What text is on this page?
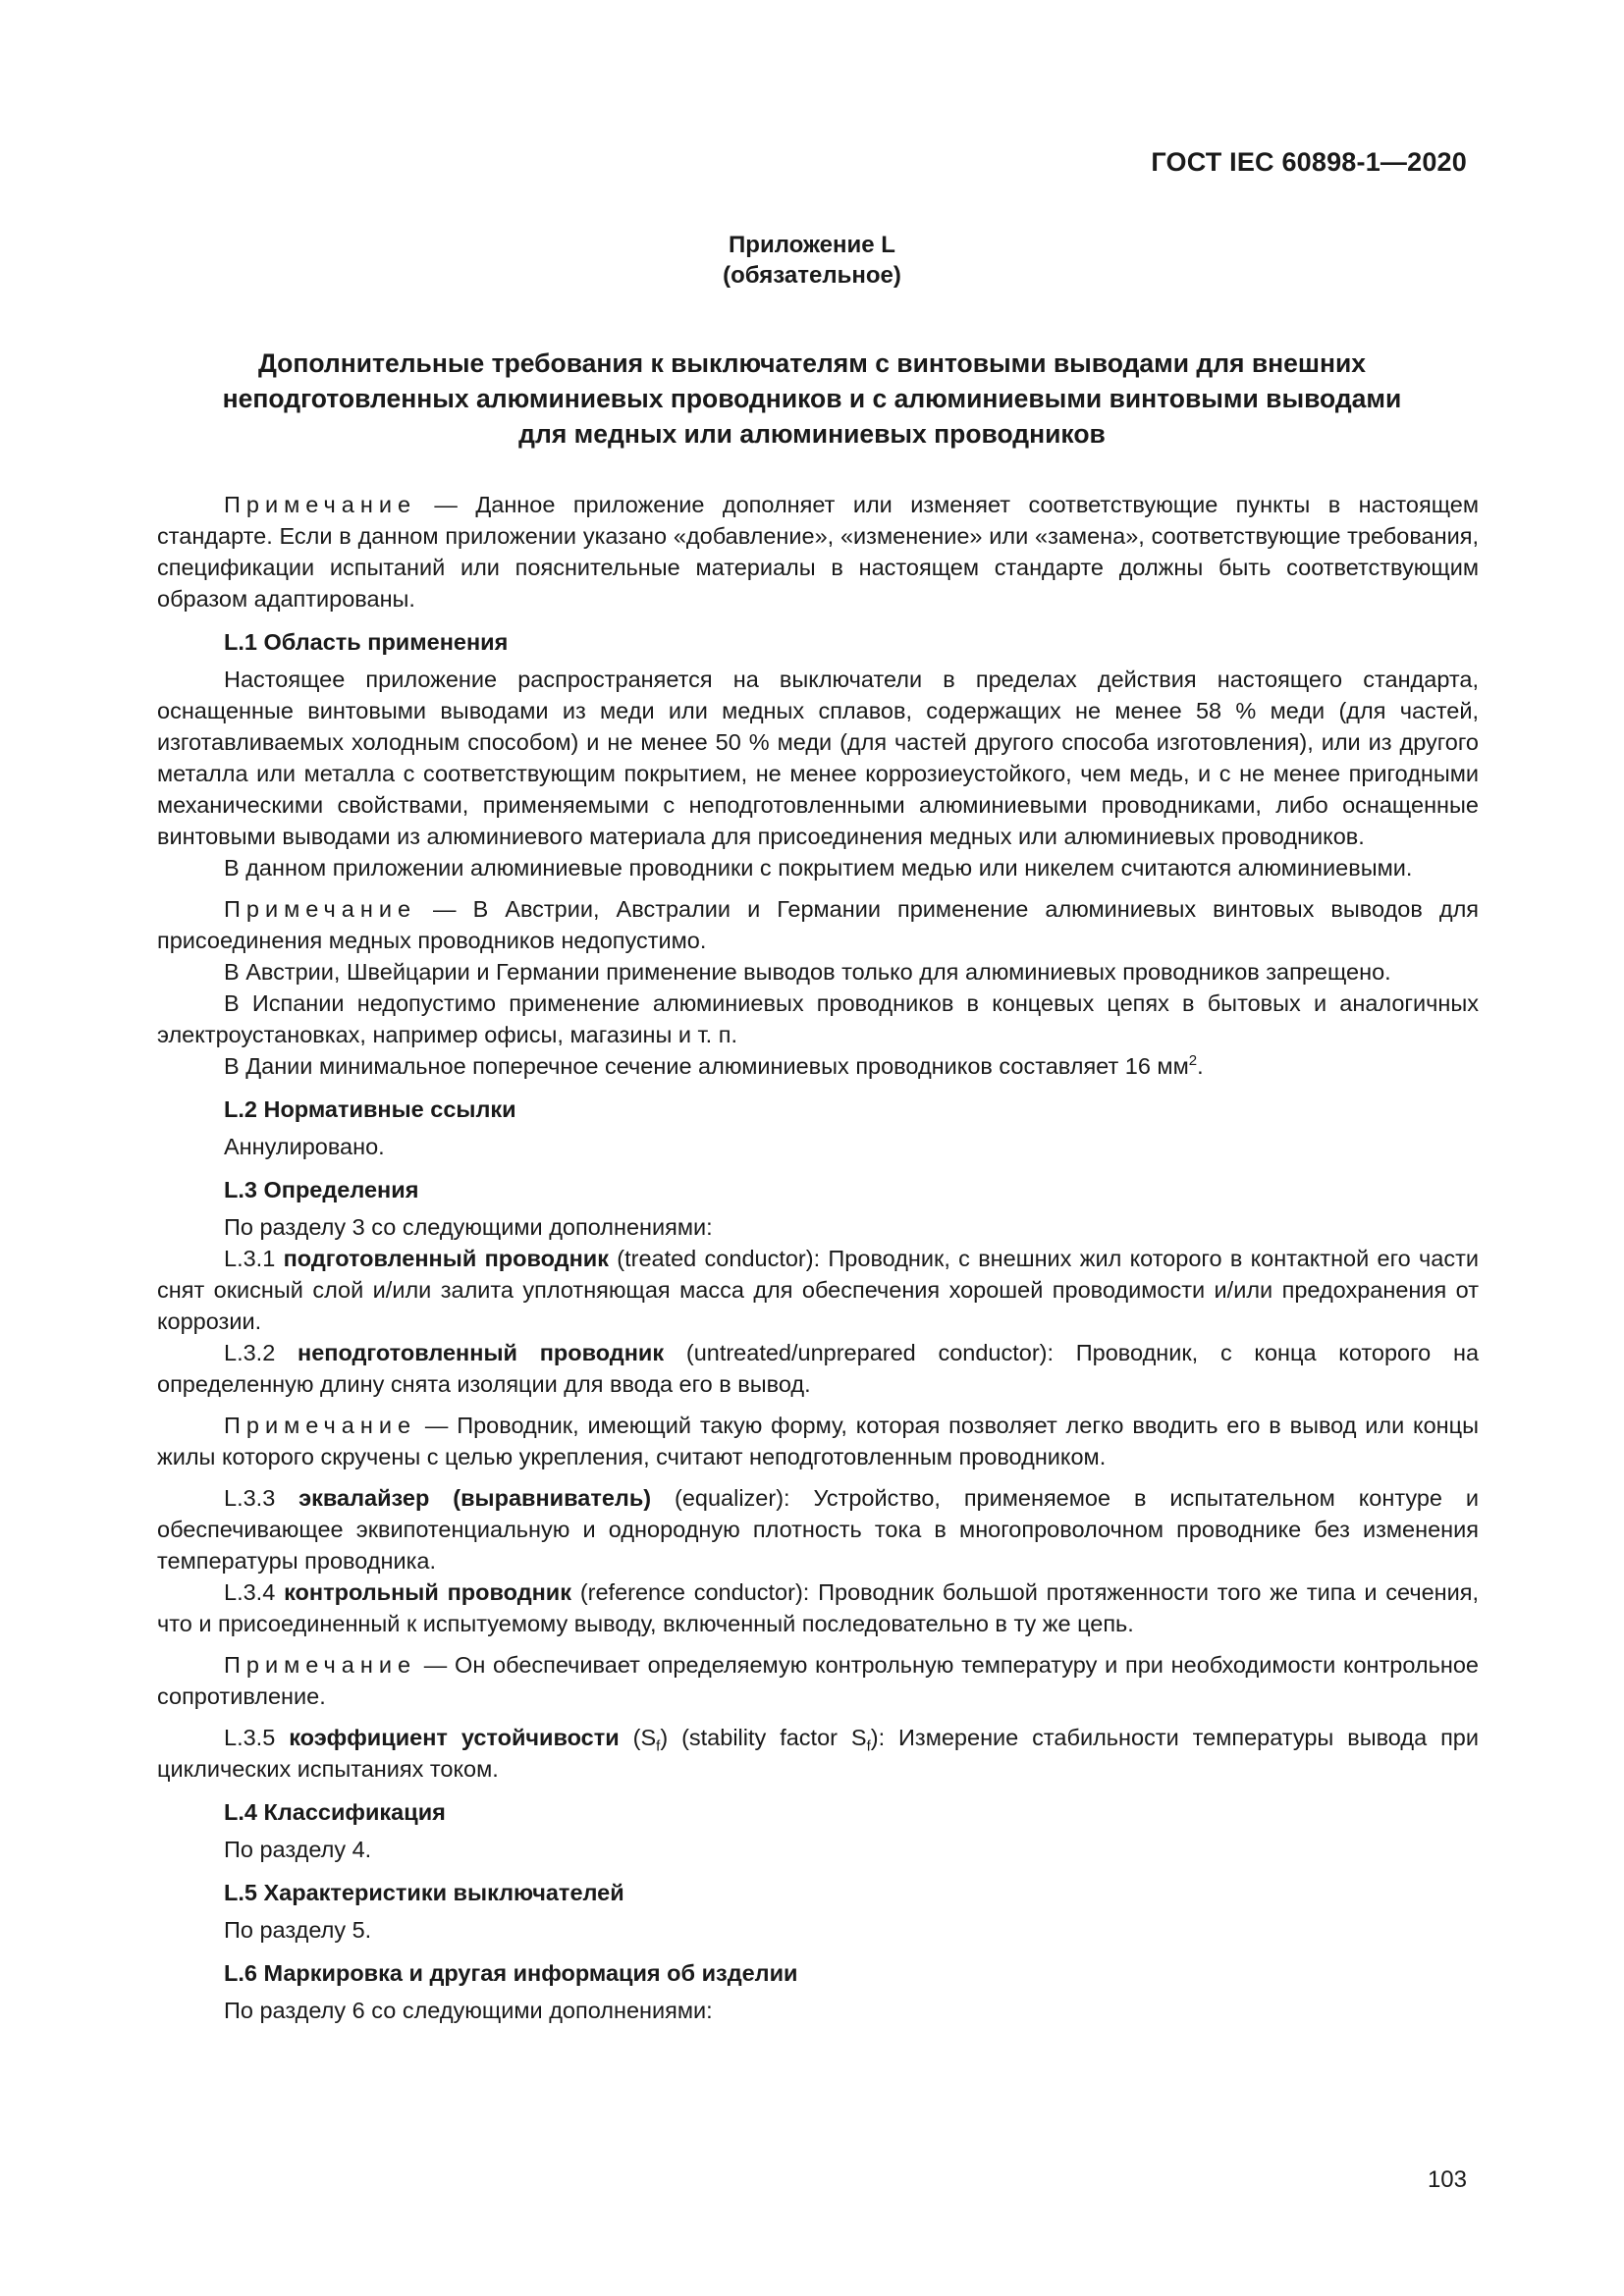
ГОСТ IEC 60898-1—2020
Приложение L
(обязательное)
Дополнительные требования к выключателям с винтовыми выводами для внешних
неподготовленных алюминиевых проводников и с алюминиевыми винтовыми выводами
для медных или алюминиевых проводников

Примечание — Данное приложение дополняет или изменяет соответствующие пункты в настоящем стандарте. Если в данном приложении указано «добавление», «изменение» или «замена», соответствующие требования, спецификации испытаний или пояснительные материалы в настоящем стандарте должны быть соответствующим образом адаптированы.

L.1 Область применения

Настоящее приложение распространяется на выключатели в пределах действия настоящего стандарта, оснащенные винтовыми выводами из меди или медных сплавов, содержащих не менее 58 % меди (для частей, изготавливаемых холодным способом) и не менее 50 % меди (для частей другого способа изготовления), или из другого металла или металла с соответствующим покрытием, не менее коррозиеустойкого, чем медь, и с не менее пригодными механическими свойствами, применяемыми с неподготовленными алюминиевыми проводниками, либо оснащенные винтовыми выводами из алюминиевого материала для присоединения медных или алюминиевых проводников.

В данном приложении алюминиевые проводники с покрытием медью или никелем считаются алюминиевыми.

Примечание — В Австрии, Австралии и Германии применение алюминиевых винтовых выводов для присоединения медных проводников недопустимо.

В Австрии, Швейцарии и Германии применение выводов только для алюминиевых проводников запрещено.

В Испании недопустимо применение алюминиевых проводников в концевых цепях в бытовых и аналогичных электроустановках, например офисы, магазины и т. п.

В Дании минимальное поперечное сечение алюминиевых проводников составляет 16 $мм^2$.

L.2 Нормативные ссылки

Аннулировано.

L.3 Определения

По разделу 3 со следующими дополнениями:

L.3.1 подготовленный проводник (treated conductor): Проводник, с внешних жил которого в контактной его части снят окисный слой и/или залита уплотняющая масса для обеспечения хорошей проводимости и/или предохранения от коррозии.

L.3.2 неподготовленный проводник (untreated/unprepared conductor): Проводник, с конца которого на определенную длину снята изоляции для ввода его в вывод.

Примечание — Проводник, имеющий такую форму, которая позволяет легко вводить его в вывод или концы жилы которого скручены с целью укрепления, считают неподготовленным проводником.

L.3.3 эквалайзер (выравниватель) (equalizer): Устройство, применяемое в испытательном контуре и обеспечивающее эквипотенциальную и однородную плотность тока в многопроволочном проводнике без изменения температуры проводника.

L.3.4 контрольный проводник (reference conductor): Проводник большой протяженности того же типа и сечения, что и присоединенный к испытуемому выводу, включенный последовательно в ту же цепь.

Примечание — Он обеспечивает определяемую контрольную температуру и при необходимости контрольное сопротивление.

L.3.5 коэффициент устойчивости $(S_f)$ (stability factor $S_f$): Измерение стабильности температуры вывода при циклических испытаниях током.

L.4 Классификация

По разделу 4.

L.5 Характеристики выключателей

По разделу 5.

L.6 Маркировка и другая информация об изделии

По разделу 6 со следующими дополнениями:

103
